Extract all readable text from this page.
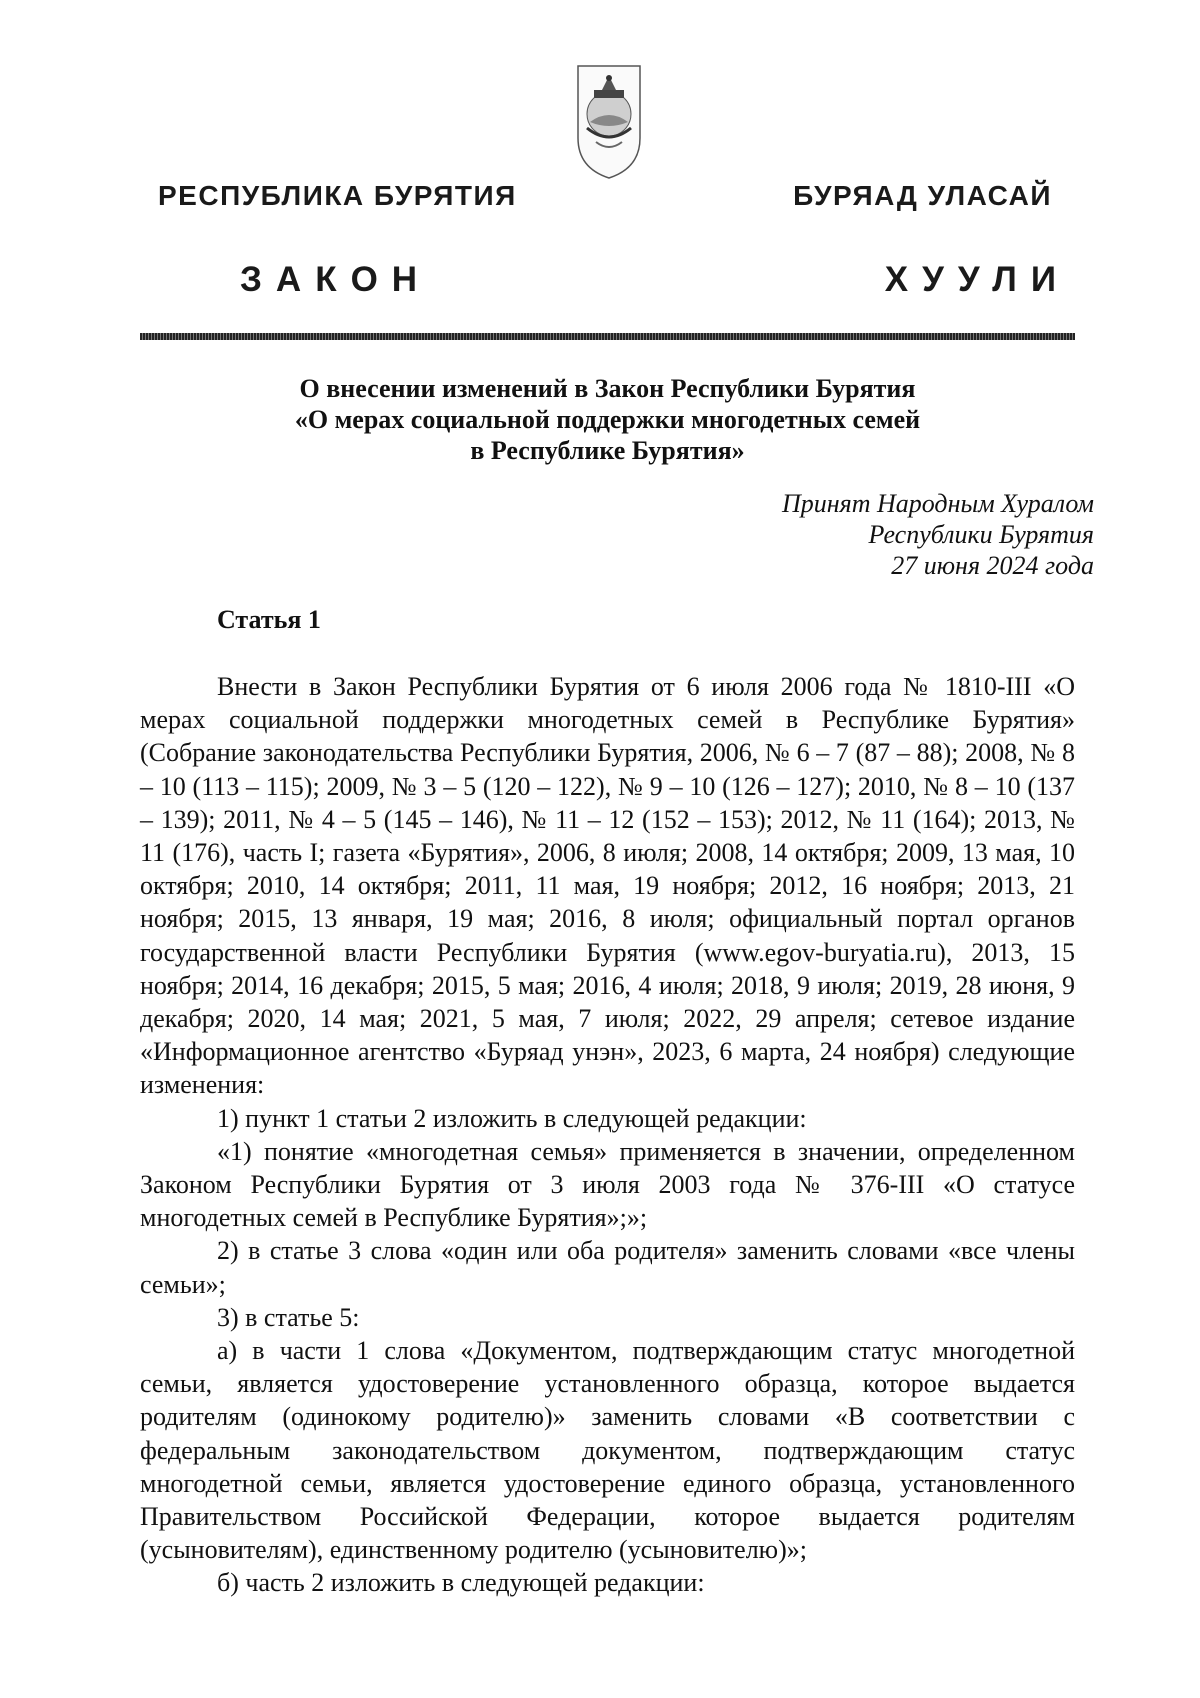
РЕСПУБЛИКА БУРЯТИЯ	БУРЯАД УЛАСАЙ
ЗАКОН	ХУУЛИ
О внесении изменений в Закон Республики Бурятия
«О мерах социальной поддержки многодетных семей
в Республике Бурятия»
Принят Народным Хуралом
Республики Бурятия
27 июня 2024 года
Статья 1

Внести в Закон Республики Бурятия от 6 июля 2006 года № 1810-III «О мерах социальной поддержки многодетных семей в Республике Бурятия» (Собрание законодательства Республики Бурятия, 2006, № 6 – 7 (87 – 88); 2008, № 8 – 10 (113 – 115); 2009, № 3 – 5 (120 – 122), № 9 – 10 (126 – 127); 2010, № 8 – 10 (137 – 139); 2011, № 4 – 5 (145 – 146), № 11 – 12 (152 – 153); 2012, № 11 (164); 2013, № 11 (176), часть I; газета «Бурятия», 2006, 8 июля; 2008, 14 октября; 2009, 13 мая, 10 октября; 2010, 14 октября; 2011, 11 мая, 19 ноября; 2012, 16 ноября; 2013, 21 ноября; 2015, 13 января, 19 мая; 2016, 8 июля; официальный портал органов государственной власти Республики Бурятия (www.egov-buryatia.ru), 2013, 15 ноября; 2014, 16 декабря; 2015, 5 мая; 2016, 4 июля; 2018, 9 июля; 2019, 28 июня, 9 декабря; 2020, 14 мая; 2021, 5 мая, 7 июля; 2022, 29 апреля; сетевое издание «Информационное агентство «Буряад унэн», 2023, 6 марта, 24 ноября) следующие изменения:

1) пункт 1 статьи 2 изложить в следующей редакции:

«1) понятие «многодетная семья» применяется в значении, определенном Законом Республики Бурятия от 3 июля 2003 года № 376-III «О статусе многодетных семей в Республике Бурятия»;»;

2) в статье 3 слова «один или оба родителя» заменить словами «все члены семьи»;

3) в статье 5:

а) в части 1 слова «Документом, подтверждающим статус многодетной семьи, является удостоверение установленного образца, которое выдается родителям (одинокому родителю)» заменить словами «В соответствии с федеральным законодательством документом, подтверждающим статус многодетной семьи, является удостоверение единого образца, установленного Правительством Российской Федерации, которое выдается родителям (усыновителям), единственному родителю (усыновителю)»;

б) часть 2 изложить в следующей редакции:
